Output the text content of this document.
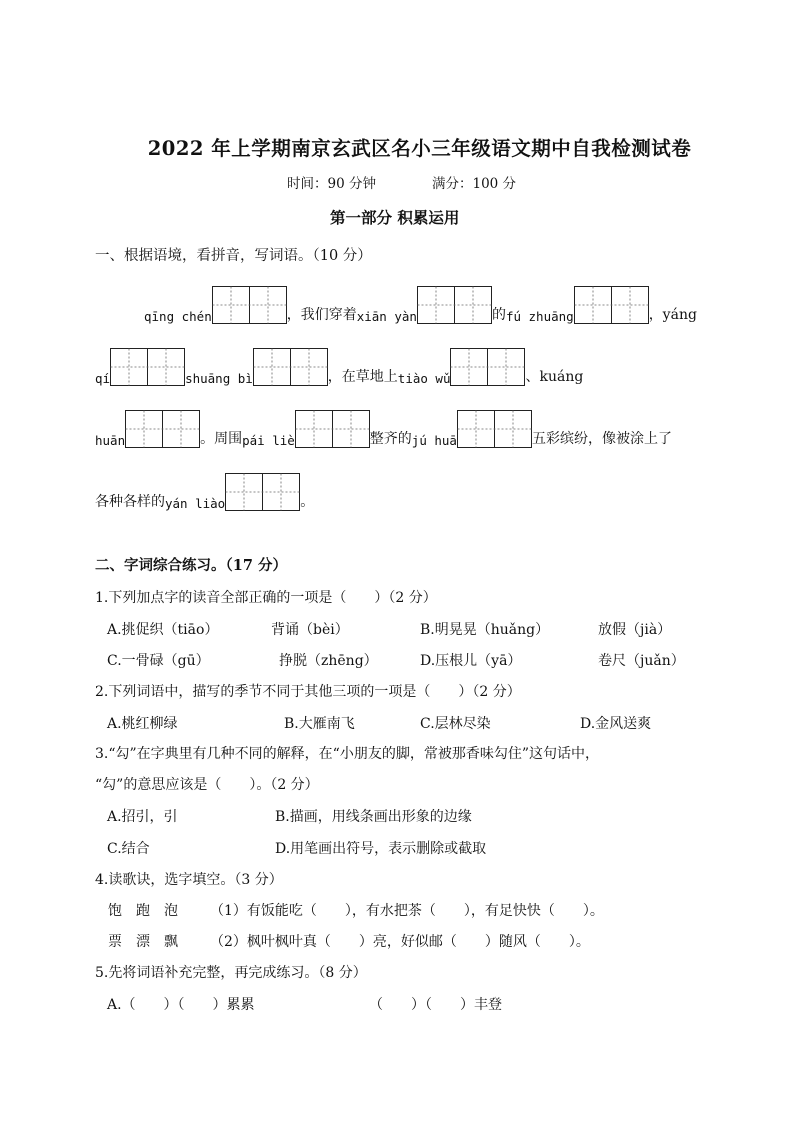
2022 年上学期南京玄武区名小三年级语文期中自我检测试卷
时间：90 分钟	满分：100 分
第一部分 积累运用
一、根据语境，看拼音，写词语。（10 分）
qīng chén	，我们穿着 xiān yàn	的 fú zhuāng	，yáng
qí	shuāng bì	，在草地上 tiào wǔ	、kuáng
huān	。周围 pái liè	整齐的 jú huā	五彩缤纷，像被涂上了
各种各样的 yán liào	。
二、字词综合练习。（17 分）
1.下列加点字的读音全部正确的一项是（　　）（2 分）
A.挑促织（tiāo）	背诵（bèi）	B.明晃晃（huǎng）	放假（jià）
C.一骨碌（gū）	挣脱（zhēng）	D.压根儿（yā）	卷尺（juǎn）
2.下列词语中，描写的季节不同于其他三项的一项是（　　）（2 分）
A.桃红柳绿	B.大雁南飞	C.层林尽染	D.金风送爽
3.“勾”在字典里有几种不同的解释，在“小朋友的脚，常被那香味勾住”这句话中，
“勾”的意思应该是（　　）。（2 分）
A.招引，引	B.描画，用线条画出形象的边缘
C.结合	D.用笔画出符号，表示删除或截取
4.读歌诀，选字填空。（3 分）
饱　跑　泡 （1）有饭能吃（　　），有水把茶（　　），有足快快（　　）。
票　漂　飘 （2）枫叶枫叶真（　　）亮，好似邮（　　）随风（　　）。
5.先将词语补充完整，再完成练习。（8 分）
A.（　　）（　　）累累	（　　）（　　）丰登
